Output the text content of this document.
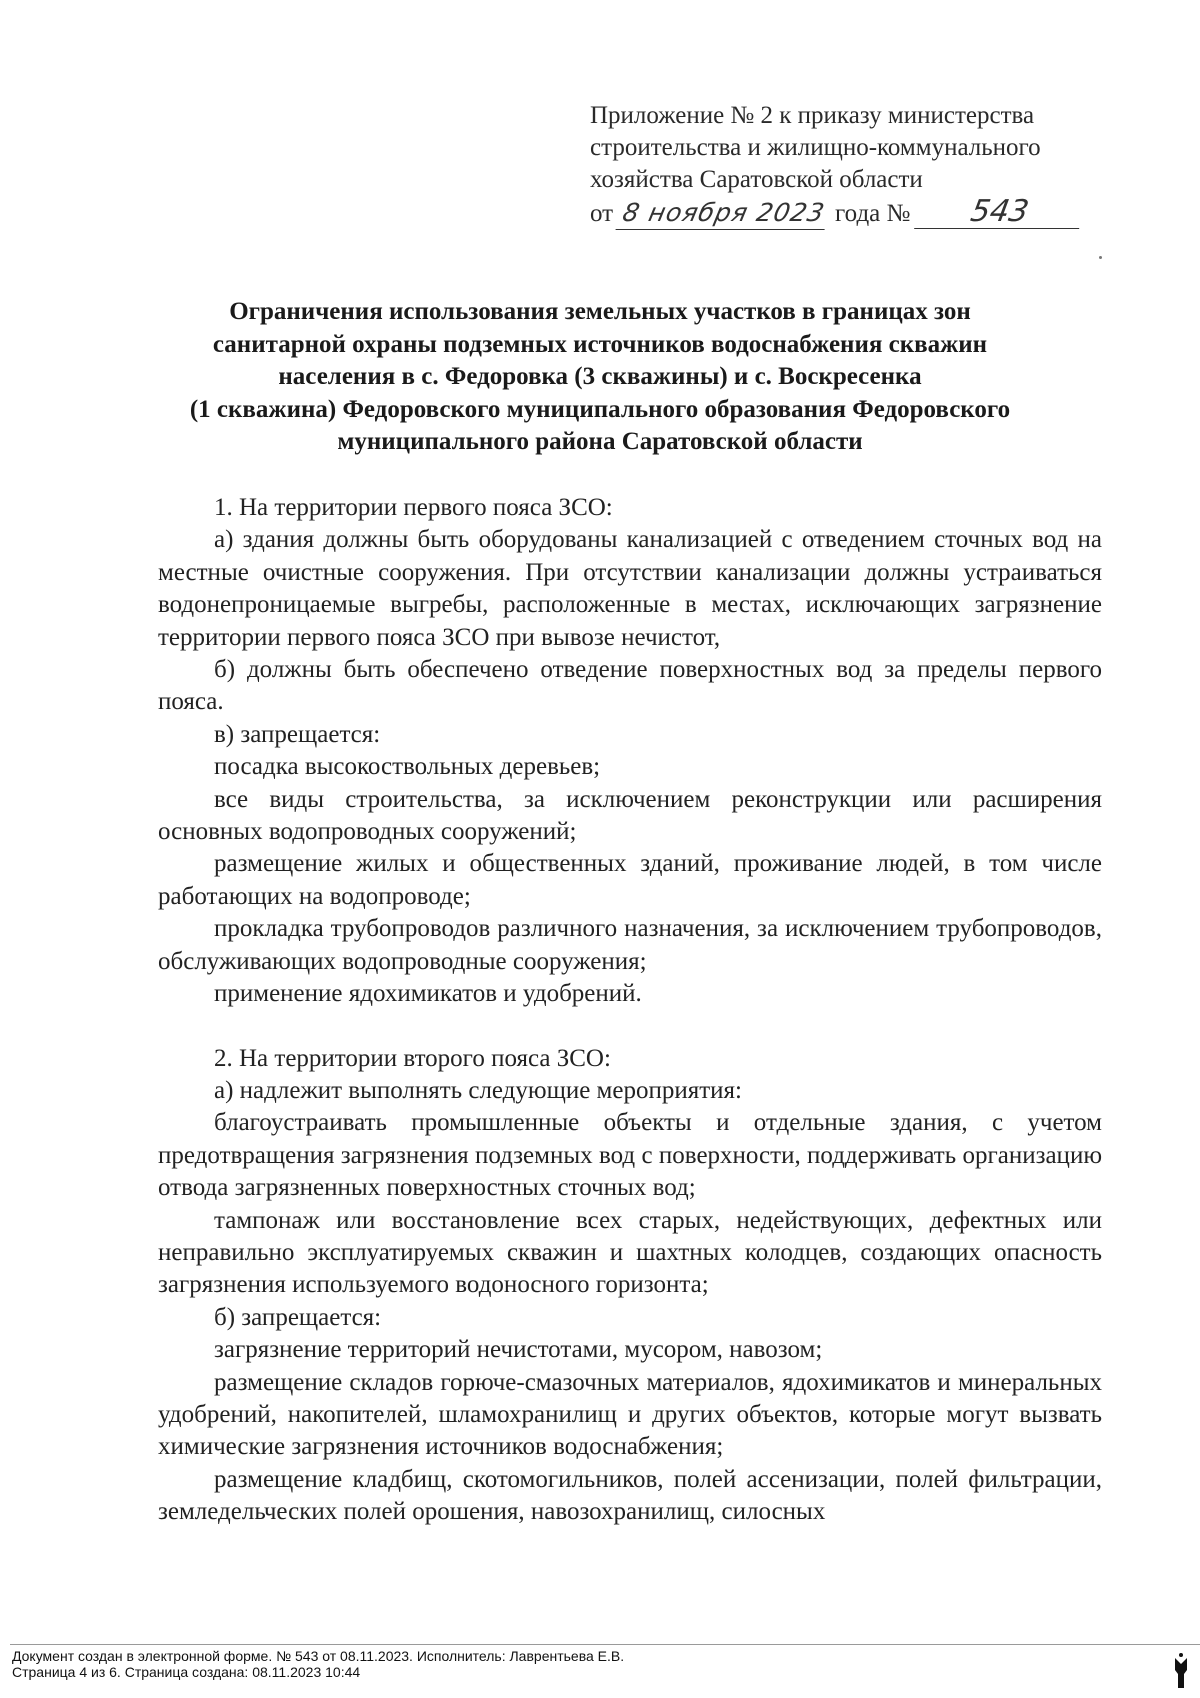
Приложение № 2 к приказу министерства
строительства и жилищно-коммунального
хозяйства Саратовской области
от 8 ноября 2023 года № 543
Ограничения использования земельных участков в границах зон
санитарной охраны подземных источников водоснабжения скважин
населения в с. Федоровка (3 скважины) и с. Воскресенка
(1 скважина) Федоровского муниципального образования Федоровского
муниципального района Саратовской области

1. На территории первого пояса ЗСО:

а) здания должны быть оборудованы канализацией с отведением сточных вод на местные очистные сооружения. При отсутствии канализации должны устраиваться водонепроницаемые выгребы, расположенные в местах, исключающих загрязнение территории первого пояса ЗСО при вывозе нечистот,

б) должны быть обеспечено отведение поверхностных вод за пределы первого пояса.

в) запрещается:

посадка высокоствольных деревьев;

все виды строительства, за исключением реконструкции или расширения основных водопроводных сооружений;

размещение жилых и общественных зданий, проживание людей, в том числе работающих на водопроводе;

прокладка трубопроводов различного назначения, за исключением трубопроводов, обслуживающих водопроводные сооружения;

применение ядохимикатов и удобрений.

2. На территории второго пояса ЗСО:

а) надлежит выполнять следующие мероприятия:

благоустраивать промышленные объекты и отдельные здания, с учетом предотвращения загрязнения подземных вод с поверхности, поддерживать организацию отвода загрязненных поверхностных сточных вод;

тампонаж или восстановление всех старых, недействующих, дефектных или неправильно эксплуатируемых скважин и шахтных колодцев, создающих опасность загрязнения используемого водоносного горизонта;

б) запрещается:

загрязнение территорий нечистотами, мусором, навозом;

размещение складов горюче-смазочных материалов, ядохимикатов и минеральных удобрений, накопителей, шламохранилищ и других объектов, которые могут вызвать химические загрязнения источников водоснабжения;

размещение кладбищ, скотомогильников, полей ассенизации, полей фильтрации, земледельческих полей орошения, навозохранилищ, силосных

Документ создан в электронной форме. № 543 от 08.11.2023. Исполнитель: Лаврентьева Е.В.
Страница 4 из 6. Страница создана: 08.11.2023 10:44
